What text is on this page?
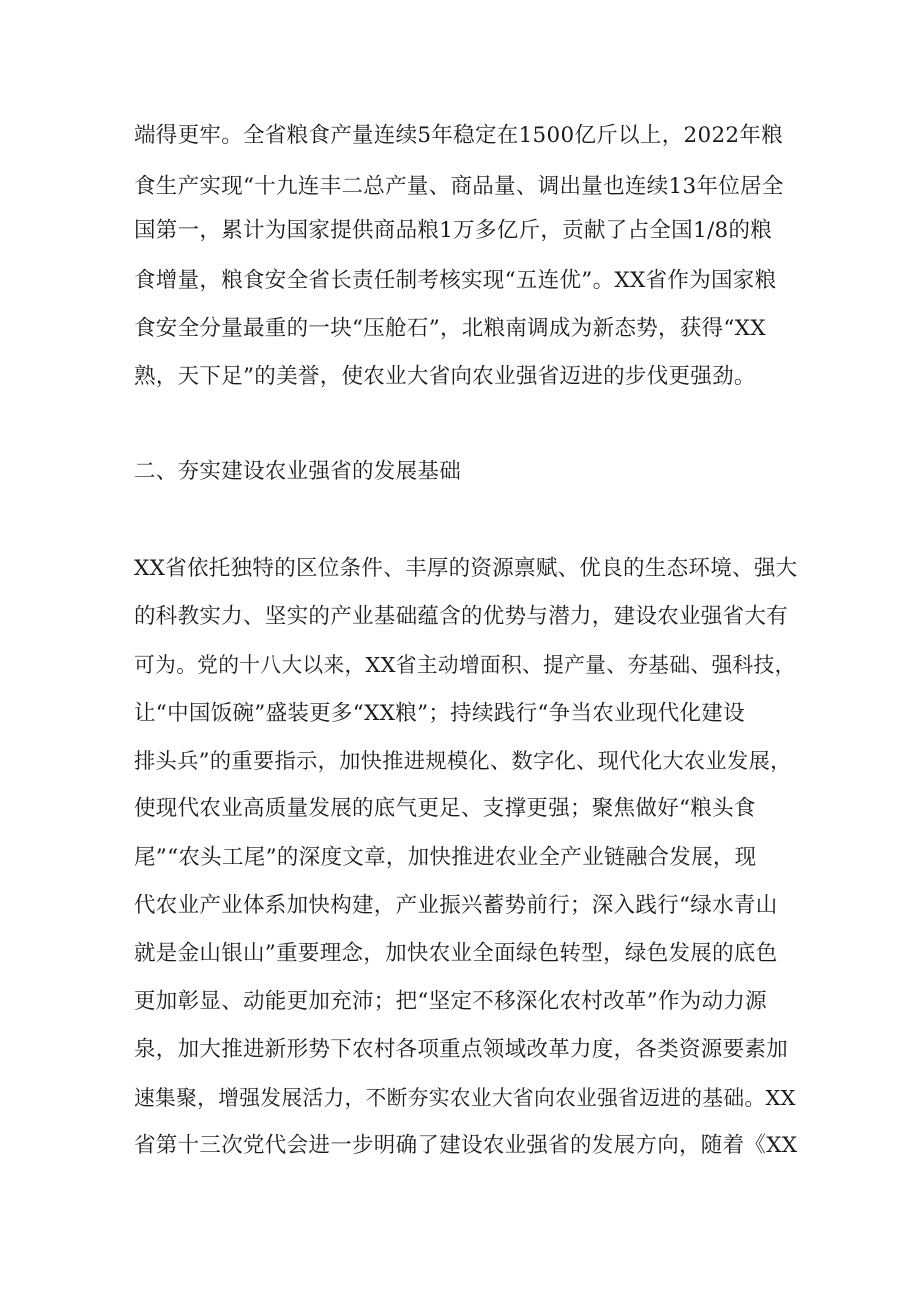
端得更牢。全省粮食产量连续5年稳定在1500亿斤以上，2022年粮
食生产实现“十九连丰二总产量、商品量、调出量也连续13年位居全
国第一，累计为国家提供商品粮1万多亿斤，贡献了占全国1/8的粮
食增量，粮食安全省长责任制考核实现“五连优”。XX省作为国家粮
食安全分量最重的一块“压舱石”，北粮南调成为新态势，获得“XX
熟，天下足”的美誉，使农业大省向农业强省迈进的步伐更强劲。
二、夯实建设农业强省的发展基础
XX省依托独特的区位条件、丰厚的资源禀赋、优良的生态环境、强大
的科教实力、坚实的产业基础蕴含的优势与潜力，建设农业强省大有
可为。党的十八大以来，XX省主动增面积、提产量、夯基础、强科技，
让“中国饭碗”盛装更多“XX粮”；持续践行“争当农业现代化建设
排头兵”的重要指示，加快推进规模化、数字化、现代化大农业发展，
使现代农业高质量发展的底气更足、支撑更强；聚焦做好“粮头食
尾”“农头工尾”的深度文章，加快推进农业全产业链融合发展，现
代农业产业体系加快构建，产业振兴蓄势前行；深入践行“绿水青山
就是金山银山”重要理念，加快农业全面绿色转型，绿色发展的底色
更加彰显、动能更加充沛；把“坚定不移深化农村改革”作为动力源
泉，加大推进新形势下农村各项重点领域改革力度，各类资源要素加
速集聚，增强发展活力，不断夯实农业大省向农业强省迈进的基础。XX
省第十三次党代会进一步明确了建设农业强省的发展方向，随着《XX
